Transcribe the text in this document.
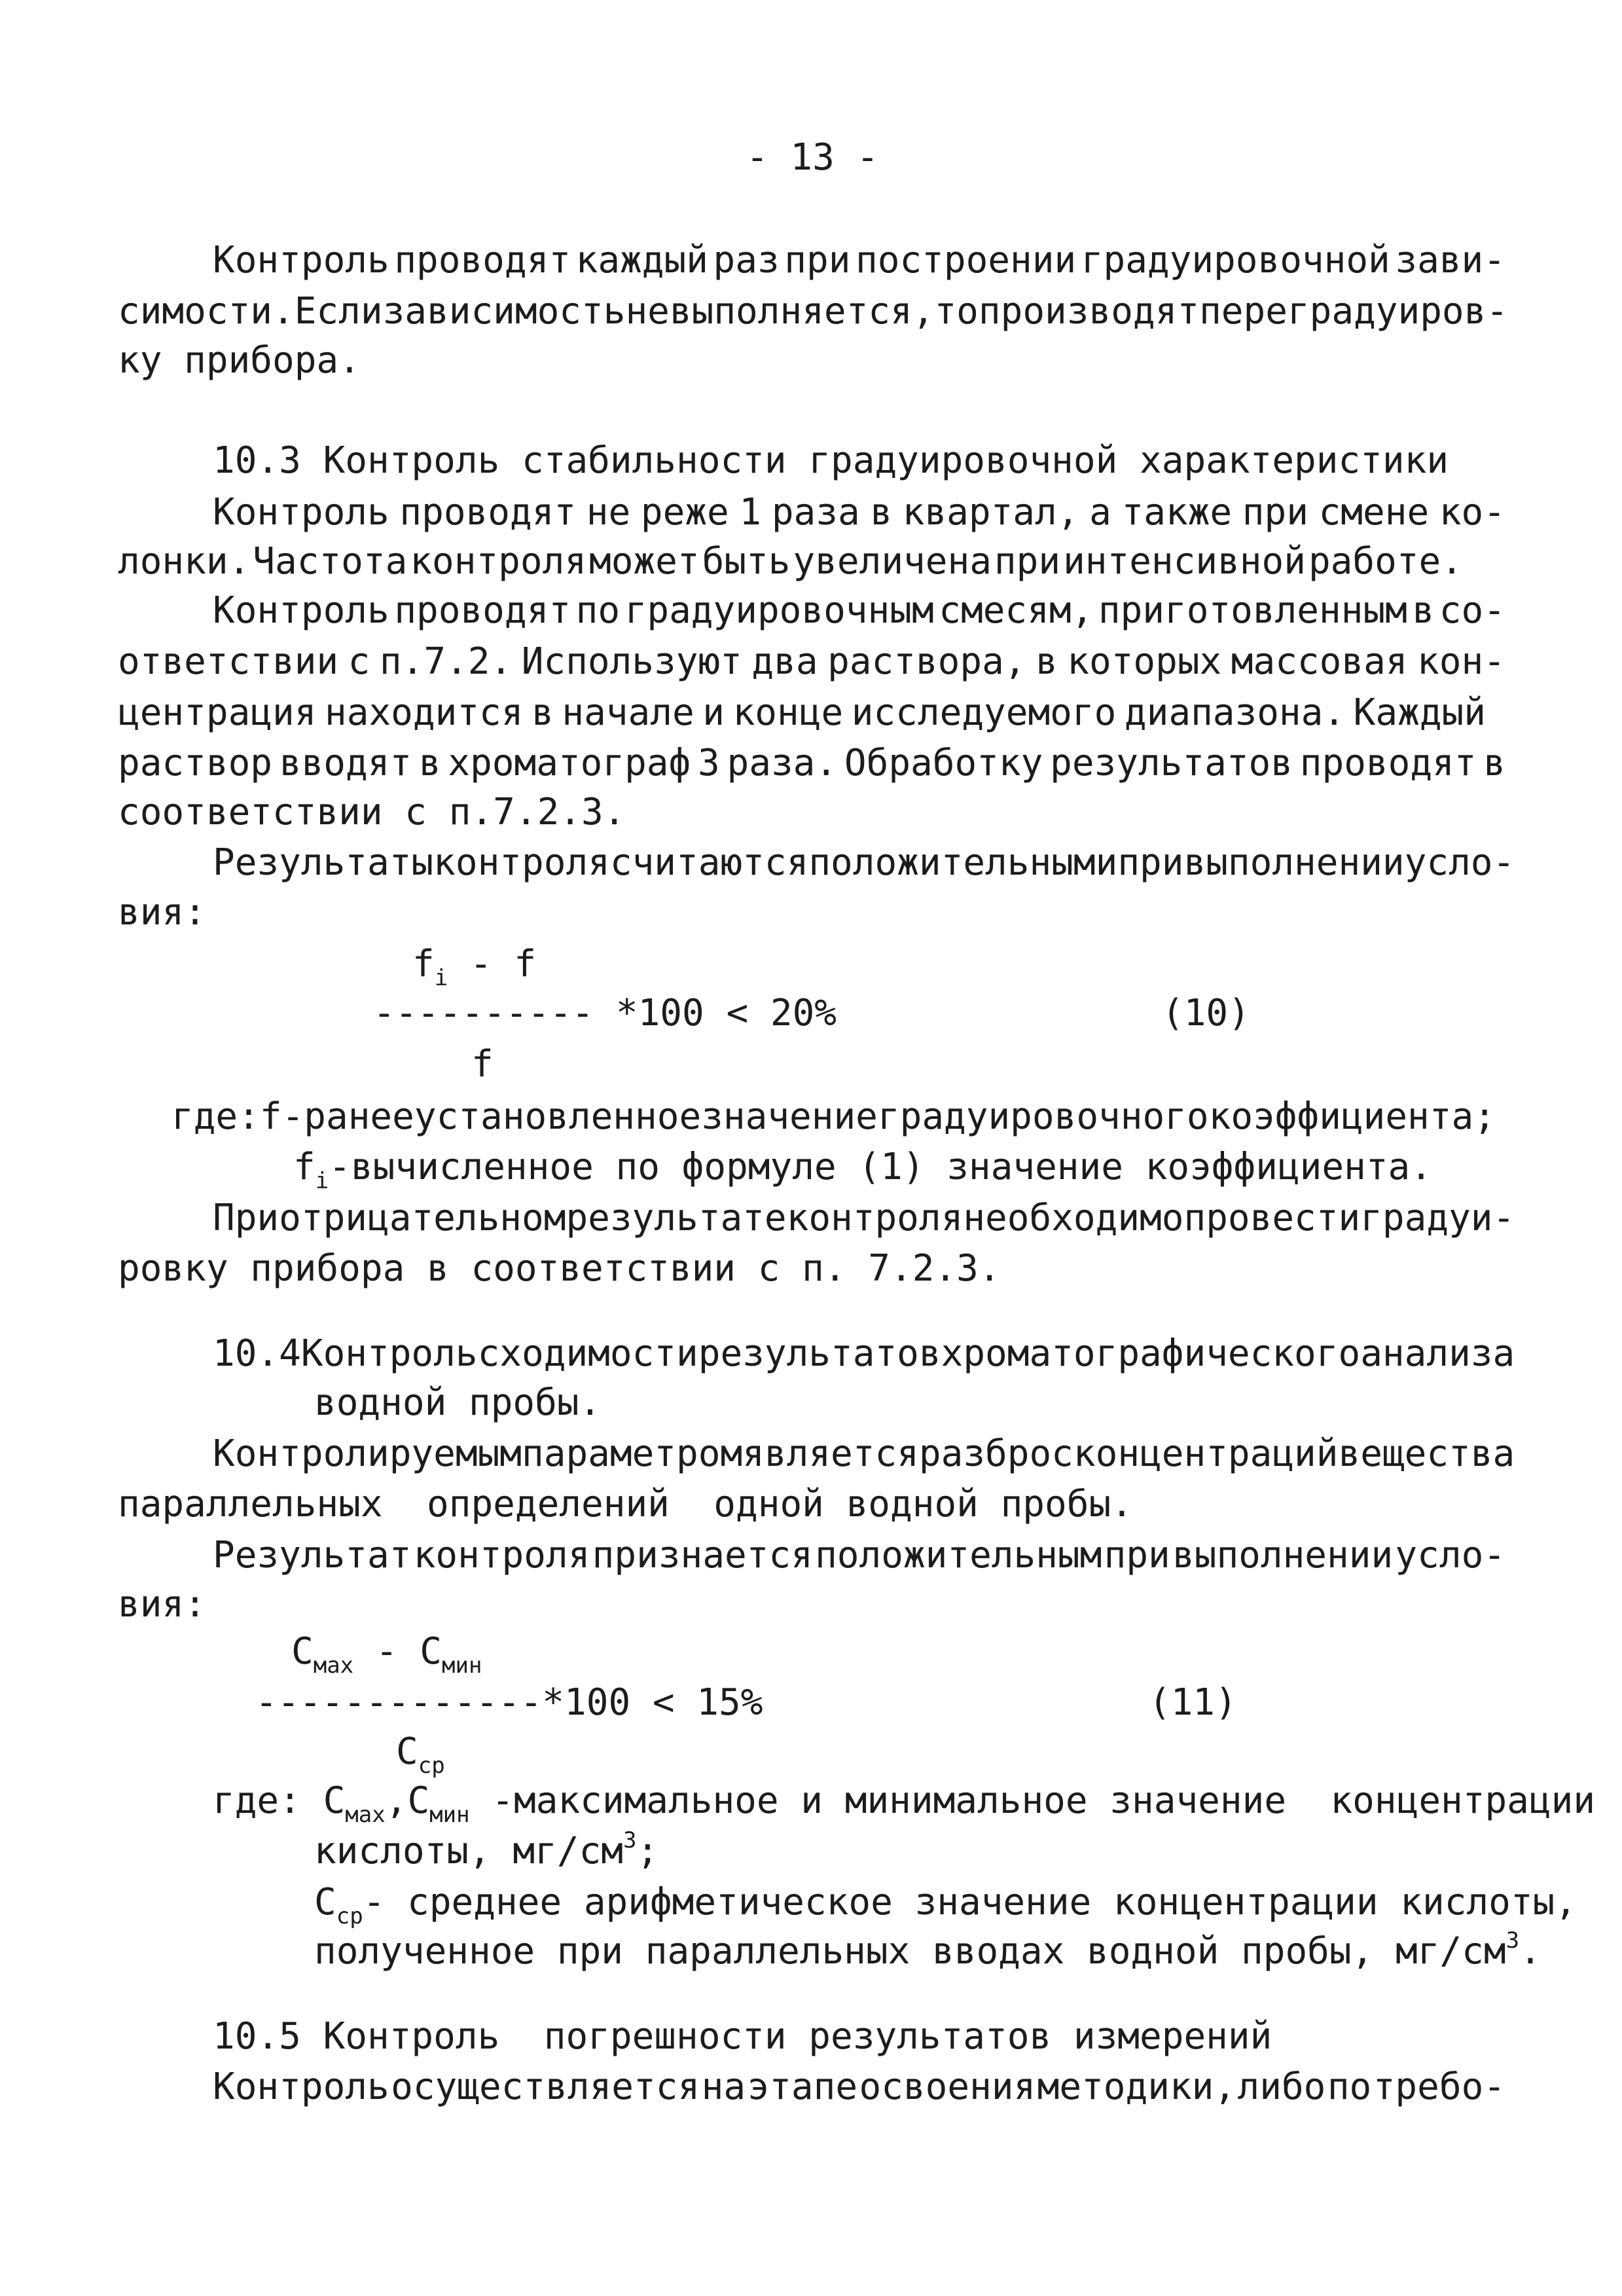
- 13 -
Контроль проводят каждый раз при построении градуировочной зави-
симости. Если зависимость не выполняется, то производят перегрaдуиров-
ку прибора.
10.3 Контроль стабильности градуировочной характеристики
Контроль проводят не реже 1 раза в квартал, а также при смене ко-
лонки. Частота контроля может быть увеличена при интенсивной работе.
Контроль проводят по градуировочным смесям, приготовленным в со-
ответствии с п.7.2. Используют два раствора, в которых массовая кон-
центрация находится в начале и конце исследуемого диапазона. Каждый
раствор вводят в хроматограф 3 раза. Обработку результатов проводят в
соответствии с п.7.2.3.
Результаты контроля считаются положительными при выполнении усло-
вия:
$f_i$ - f
---------- *100 < 20%	(10)
f
где: f-ранее установленное значение градуировочного коэффициента;
$f_i$-вычисленное по формуле (1) значение коэффициента.
При отрицательном результате контроля необходимо провести градуи-
ровку прибора в соответствии с п. 7.2.3.
10.4 Контроль сходимости результатов хроматографического анализа
водной пробы.
Контролируемым параметром является разброс концентраций вещества
параллельных  определений  одной водной пробы.
Результат контроля признается положительным при выполнении усло-
вия:
$C_{мах} - C_{мин}$
-------------*100 < 15%	(11)
$C_{ср}$
где: $C_{мах},C_{мин}$ -максимальное и минимальное значение  концентрации
кислоты, $мг/см^3$;
$C_{ср}-$ среднее арифметическое значение концентрации кислоты,
полученное при параллельных вводах водной пробы, $мг/см^3$.
10.5 Контроль  погрешности результатов измерений
Контроль осуществляется на этапе освоения методики, либо по требо-
